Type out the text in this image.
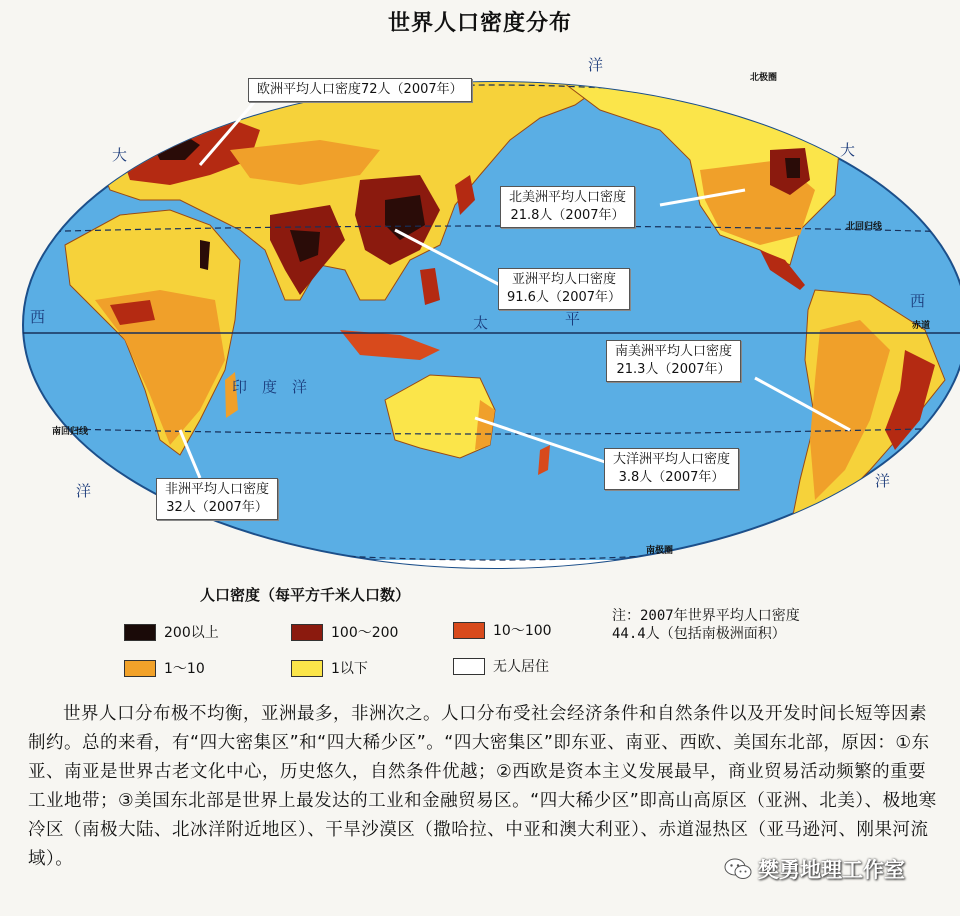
世界人口密度分布
洋
大	大
西
西
太	平
印　度　洋
洋
洋
北极圈
北回归线
赤道
南回归线
南极圈
欧洲平均人口密度72人（2007年）
北美洲平均人口密度
21.8人（2007年）
亚洲平均人口密度
91.6人（2007年）
南美洲平均人口密度
21.3人（2007年）
大洋洲平均人口密度
3.8人（2007年）
非洲平均人口密度
32人（2007年）
人口密度（每平方千米人口数）
200以上	100～200	10～100
1～10	1以下	无人居住
注：2007年世界平均人口密度
44.4人（包括南极洲面积）

世界人口分布极不均衡，亚洲最多，非洲次之。人口分布受社会经济条件和自然条件以及开发时间长短等因素制约。总的来看，有“四大密集区”和“四大稀少区”。“四大密集区”即东亚、南亚、西欧、美国东北部，原因：①东亚、南亚是世界古老文化中心，历史悠久，自然条件优越；②西欧是资本主义发展最早，商业贸易活动频繁的重要工业地带；③美国东北部是世界上最发达的工业和金融贸易区。“四大稀少区”即高山高原区（亚洲、北美）、极地寒冷区（南极大陆、北冰洋附近地区）、干旱沙漠区（撒哈拉、中亚和澳大利亚）、赤道湿热区（亚马逊河、刚果河流域）。	樊勇地理工作室
